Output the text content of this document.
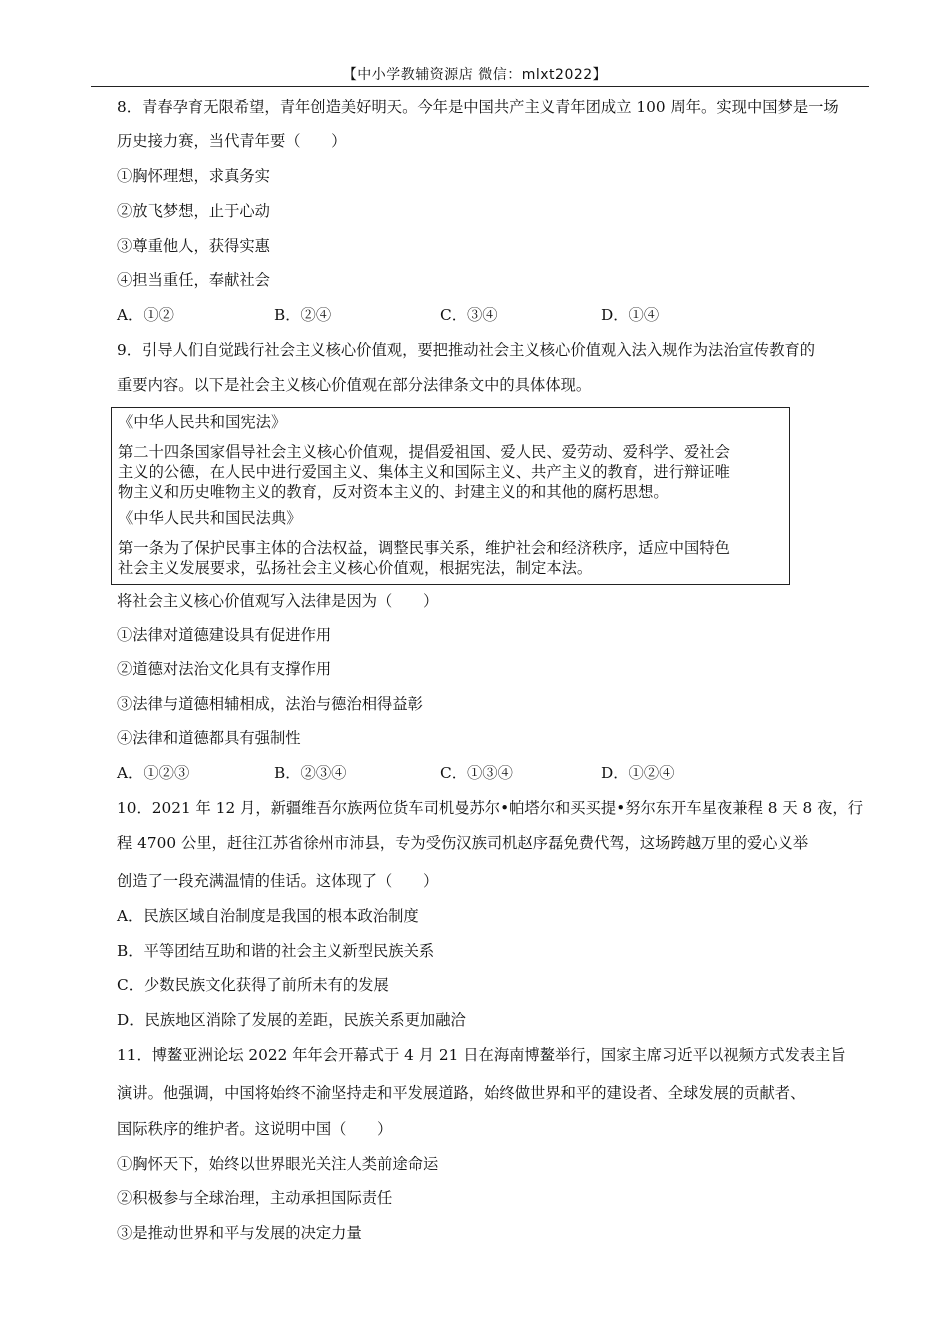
【中小学教辅资源店 微信：mlxt2022】
8．青春孕育无限希望，青年创造美好明天。今年是中国共产主义青年团成立 100 周年。实现中国梦是一场
历史接力赛，当代青年要（　　）
①胸怀理想，求真务实
②放飞梦想，止于心动
③尊重他人，获得实惠
④担当重任，奉献社会
A．①②	B．②④	C．③④	D．①④
9．引导人们自觉践行社会主义核心价值观，要把推动社会主义核心价值观入法入规作为法治宣传教育的
重要内容。以下是社会主义核心价值观在部分法律条文中的具体体现。
《中华人民共和国宪法》
第二十四条国家倡导社会主义核心价值观，提倡爱祖国、爱人民、爱劳动、爱科学、爱社会
主义的公德，在人民中进行爱国主义、集体主义和国际主义、共产主义的教育，进行辩证唯
物主义和历史唯物主义的教育，反对资本主义的、封建主义的和其他的腐朽思想。
《中华人民共和国民法典》
第一条为了保护民事主体的合法权益，调整民事关系，维护社会和经济秩序，适应中国特色
社会主义发展要求，弘扬社会主义核心价值观，根据宪法，制定本法。
将社会主义核心价值观写入法律是因为（　　）
①法律对道德建设具有促进作用
②道德对法治文化具有支撑作用
③法律与道德相辅相成，法治与德治相得益彰
④法律和道德都具有强制性
A．①②③	B．②③④	C．①③④	D．①②④
10．2021 年 12 月，新疆维吾尔族两位货车司机曼苏尔•帕塔尔和买买提•努尔东开车星夜兼程 8 天 8 夜，行
程 4700 公里，赶往江苏省徐州市沛县，专为受伤汉族司机赵序磊免费代驾，这场跨越万里的爱心义举
创造了一段充满温情的佳话。这体现了（　　）
A．民族区域自治制度是我国的根本政治制度
B．平等团结互助和谐的社会主义新型民族关系
C．少数民族文化获得了前所未有的发展
D．民族地区消除了发展的差距，民族关系更加融洽
11．博鳌亚洲论坛 2022 年年会开幕式于 4 月 21 日在海南博鳌举行，国家主席习近平以视频方式发表主旨
演讲。他强调，中国将始终不渝坚持走和平发展道路，始终做世界和平的建设者、全球发展的贡献者、
国际秩序的维护者。这说明中国（　　）
①胸怀天下，始终以世界眼光关注人类前途命运
②积极参与全球治理，主动承担国际责任
③是推动世界和平与发展的决定力量
